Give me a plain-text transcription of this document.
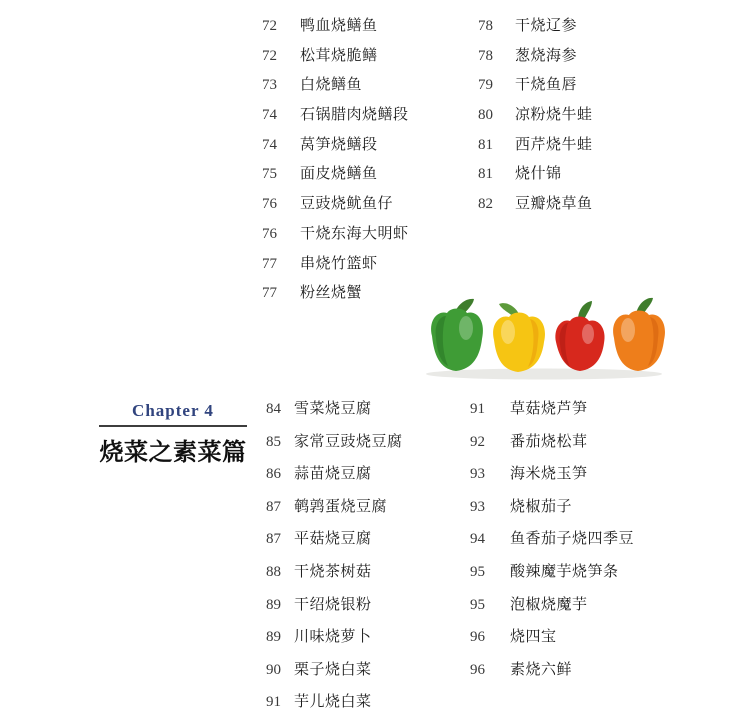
72	鸭血烧鳝鱼
72	松茸烧脆鳝
73	白烧鳝鱼
74	石锅腊肉烧鳝段
74	莴笋烧鳝段
75	面皮烧鳝鱼
76	豆豉烧鱿鱼仔
76	干烧东海大明虾
77	串烧竹篮虾
77	粉丝烧蟹
78	干烧辽参
78	葱烧海参
79	干烧鱼唇
80	凉粉烧牛蛙
81	西芹烧牛蛙
81	烧什锦
82	豆瓣烧草鱼
Chapter 4
烧菜之素菜篇
84 雪菜烧豆腐
85 家常豆豉烧豆腐
86 蒜苗烧豆腐
87 鹌鹑蛋烧豆腐
87 平菇烧豆腐
88 干烧茶树菇
89 干绍烧银粉
89 川味烧萝卜
90 栗子烧白菜
91 芋儿烧白菜
91	草菇烧芦笋
92	番茄烧松茸
93	海米烧玉笋
93	烧椒茄子
94	鱼香茄子烧四季豆
95	酸辣魔芋烧笋条
95	泡椒烧魔芋
96	烧四宝
96	素烧六鲜
